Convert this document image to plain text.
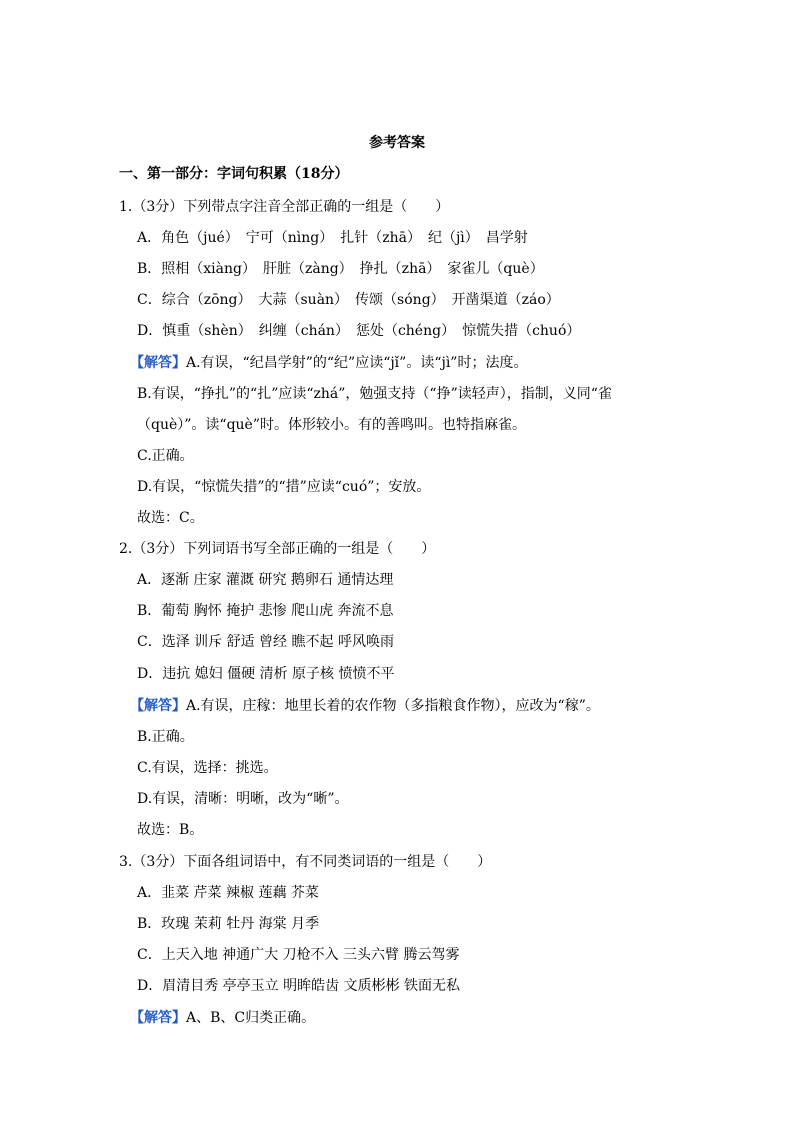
参考答案
一、第一部分：字词句积累（18分）
1.（3分）下列带点字注音全部正确的一组是（　　）
A．角色（jué）　宁可（nìng）　扎针（zhā）　纪（jì）　昌学射
B．照相（xiàng）　肝脏（zàng）　挣扎（zhā）　家雀儿（què）
C．综合（zōng）　大蒜（suàn）　传颂（sóng）　开凿渠道（záo）
D．慎重（shèn）　纠缠（chán）　惩处（chéng）　惊慌失措（chuó）
【解答】A.有误，“纪昌学射”的“纪”应读“jǐ”。读“jì”时；法度。
B.有误，“挣扎”的“扎”应读“zhá”，勉强支持（“挣”读轻声），指制，义同“雀
（què）”。读“què”时。体形较小。有的善鸣叫。也特指麻雀。
C.正确。
D.有误，“惊慌失措”的“措”应读“cuó”；安放。
故选：C。
2.（3分）下列词语书写全部正确的一组是（　　）
A．逐渐 庄家 灌溉 研究 鹅卵石 通情达理
B．葡萄 胸怀 掩护 悲惨 爬山虎 奔流不息
C．选泽 训斥 舒适 曾经 瞧不起 呼风唤雨
D．违抗 媳妇 僵硬 清析 原子核 愤愤不平
【解答】A.有误，庄稼：地里长着的农作物（多指粮食作物），应改为“稼”。
B.正确。
C.有误，选择：挑选。
D.有误，清晰：明晰，改为“晰”。
故选：B。
3.（3分）下面各组词语中，有不同类词语的一组是（　　）
A．韭菜 芹菜 辣椒 莲藕 芥菜
B．玫瑰 茉莉 牡丹 海棠 月季
C．上天入地 神通广大 刀枪不入 三头六臂 腾云驾雾
D．眉清目秀 亭亭玉立 明眸皓齿 文质彬彬 铁面无私
【解答】A、B、C归类正确。
